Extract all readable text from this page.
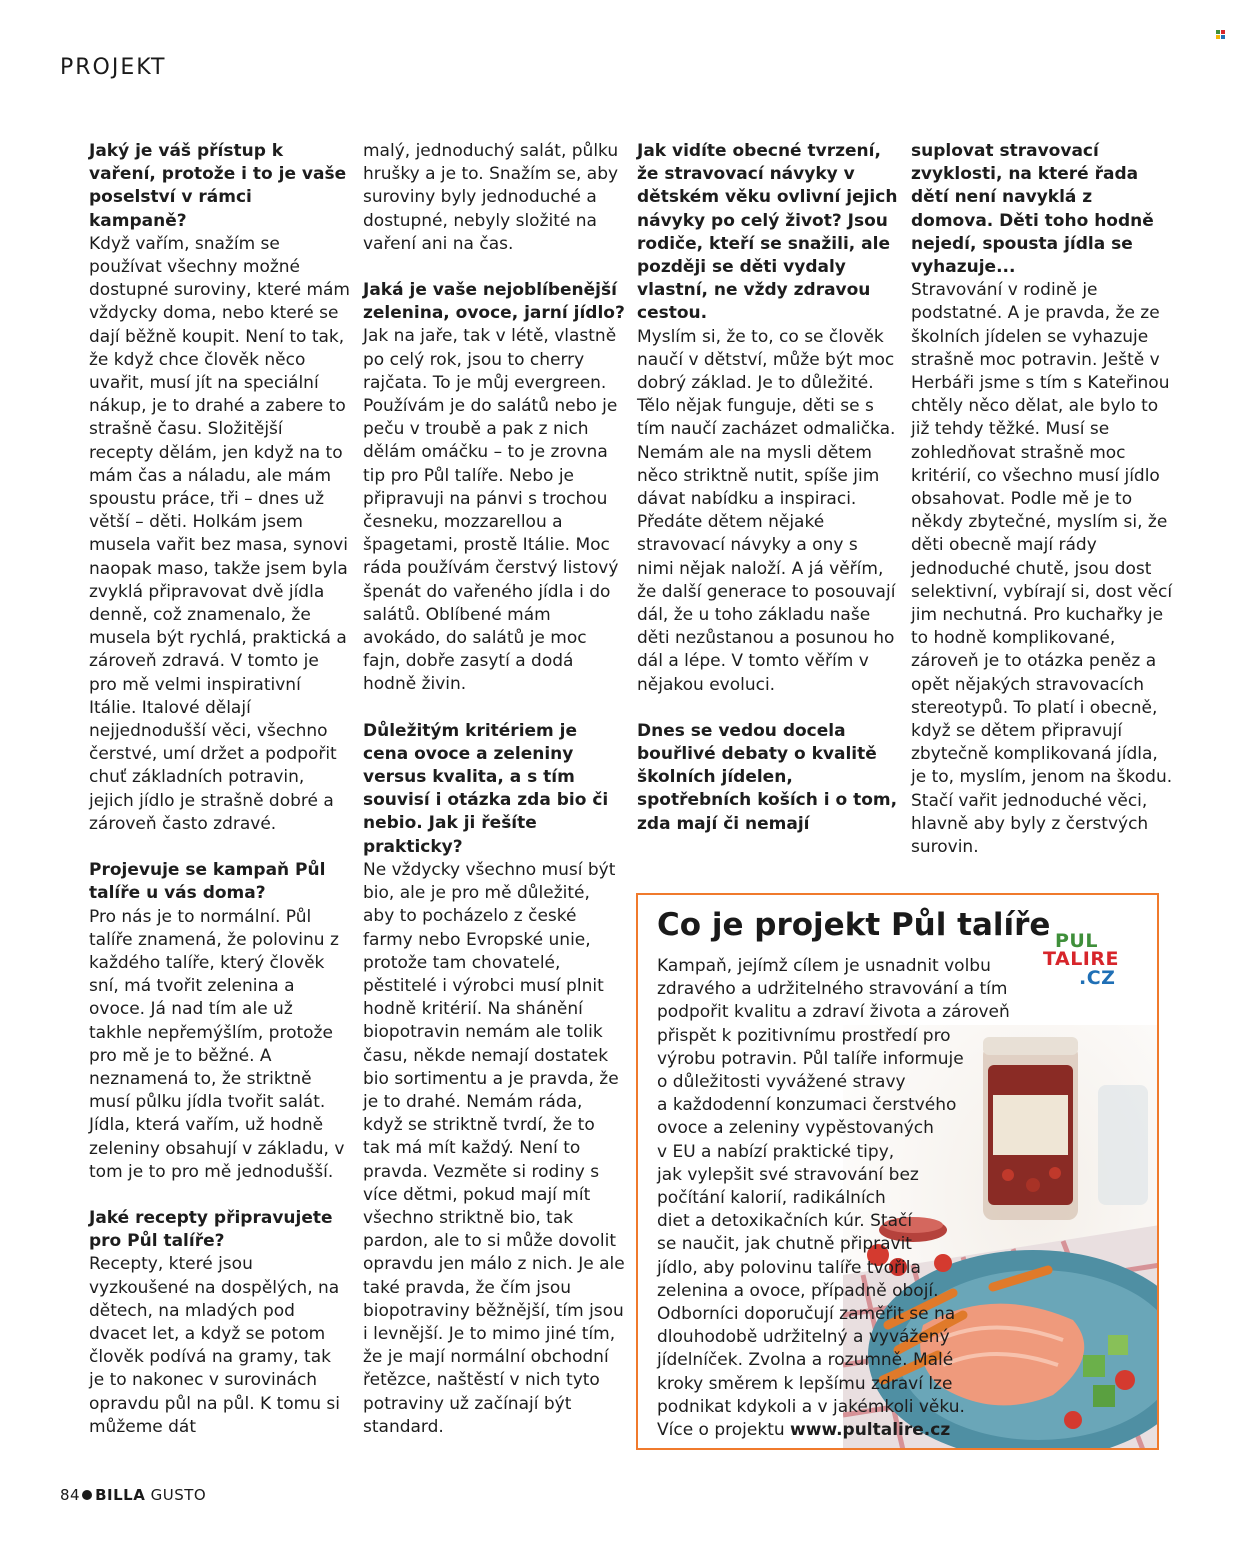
PROJEKT

Jaký je váš přístup k vaření, protože i to je vaše poselství v rámci kampaně?

Když vařím, snažím se používat všechny možné dostupné suroviny, které mám vždycky doma, nebo které se dají běžně koupit. Není to tak, že když chce člověk něco uvařit, musí jít na speciální nákup, je to drahé a zabere to strašně času. Složitější recepty dělám, jen když na to mám čas a náladu, ale mám spoustu práce, tři – dnes už větší – děti. Holkám jsem musela vařit bez masa, synovi naopak maso, takže jsem byla zvyklá připravovat dvě jídla denně, což znamenalo, že musela být rychlá, praktická a zároveň zdravá. V tomto je pro mě velmi inspirativní Itálie. Italové dělají nejjednodušší věci, všechno čerstvé, umí držet a podpořit chuť základních potravin, jejich jídlo je strašně dobré a zároveň často zdravé.

Projevuje se kampaň Půl talíře u vás doma?

Pro nás je to normální. Půl talíře znamená, že polovinu z každého talíře, který člověk sní, má tvořit zelenina a ovoce. Já nad tím ale už takhle nepřemýšlím, protože pro mě je to běžné. A neznamená to, že striktně musí půlku jídla tvořit salát. Jídla, která vařím, už hodně zeleniny obsahují v základu, v tom je to pro mě jednodušší.

Jaké recepty připravujete pro Půl talíře?

Recepty, které jsou vyzkoušené na dospělých, na dětech, na mladých pod dvacet let, a když se potom člověk podívá na gramy, tak je to nakonec v surovinách opravdu půl na půl. K tomu si můžeme dát

malý, jednoduchý salát, půlku hrušky a je to. Snažím se, aby suroviny byly jednoduché a dostupné, nebyly složité na vaření ani na čas.

Jaká je vaše nejoblíbenější zelenina, ovoce, jarní jídlo?

Jak na jaře, tak v létě, vlastně po celý rok, jsou to cherry rajčata. To je můj evergreen. Používám je do salátů nebo je peču v troubě a pak z nich dělám omáčku – to je zrovna tip pro Půl talíře. Nebo je připravuji na pánvi s trochou česneku, mozzarellou a špagetami, prostě Itálie. Moc ráda používám čerstvý listový špenát do vařeného jídla i do salátů. Oblíbené mám avokádo, do salátů je moc fajn, dobře zasytí a dodá hodně živin.

Důležitým kritériem je cena ovoce a zeleniny versus kvalita, a s tím souvisí i otázka zda bio či nebio. Jak ji řešíte prakticky?

Ne vždycky všechno musí být bio, ale je pro mě důležité, aby to pocházelo z české farmy nebo Evropské unie, protože tam chovatelé, pěstitelé i výrobci musí plnit hodně kritérií. Na shánění biopotravin nemám ale tolik času, někde nemají dostatek bio sortimentu a je pravda, že je to drahé. Nemám ráda, když se striktně tvrdí, že to tak má mít každý. Není to pravda. Vezměte si rodiny s více dětmi, pokud mají mít všechno striktně bio, tak pardon, ale to si může dovolit opravdu jen málo z nich. Je ale také pravda, že čím jsou biopotraviny běžnější, tím jsou i levnější. Je to mimo jiné tím, že je mají normální obchodní řetězce, naštěstí v nich tyto potraviny už začínají být standard.

Jak vidíte obecné tvrzení, že stravovací návyky v dětském věku ovlivní jejich návyky po celý život? Jsou rodiče, kteří se snažili, ale později se děti vydaly vlastní, ne vždy zdravou cestou.

Myslím si, že to, co se člověk naučí v dětství, může být moc dobrý základ. Je to důležité. Tělo nějak funguje, děti se s tím naučí zacházet odmalička. Nemám ale na mysli dětem něco striktně nutit, spíše jim dávat nabídku a inspiraci. Předáte dětem nějaké stravovací návyky a ony s nimi nějak naloží. A já věřím, že další generace to posouvají dál, že u toho základu naše děti nezůstanou a posunou ho dál a lépe. V tomto věřím v nějakou evoluci.

Dnes se vedou docela bouřlivé debaty o kvalitě školních jídelen, spotřebních koších i o tom, zda mají či nemají

suplovat stravovací zvyklosti, na které řada dětí není navyklá z domova. Děti toho hodně nejedí, spousta jídla se vyhazuje...

Stravování v rodině je podstatné. A je pravda, že ze školních jídelen se vyhazuje strašně moc potravin. Ještě v Herbáři jsme s tím s Kateřinou chtěly něco dělat, ale bylo to již tehdy těžké. Musí se zohledňovat strašně moc kritérií, co všechno musí jídlo obsahovat. Podle mě je to někdy zbytečné, myslím si, že děti obecně mají rády jednoduché chutě, jsou dost selektivní, vybírají si, dost věcí jim nechutná. Pro kuchařky je to hodně komplikované, zároveň je to otázka peněz a opět nějakých stravovacích stereotypů. To platí i obecně, když se dětem připravují zbytečně komplikovaná jídla, je to, myslím, jenom na škodu. Stačí vařit jednoduché věci, hlavně aby byly z čerstvých surovin.

PUL
TALIRE
.CZ
Co je projekt Půl talíře

Kampaň, jejímž cílem je usnadnit volbu
zdravého a udržitelného stravování a tím
podpořit kvalitu a zdraví života a zároveň
přispět k pozitivnímu prostředí pro
výrobu potravin. Půl talíře informuje
o důležitosti vyvážené stravy
a každodenní konzumaci čerstvého
ovoce a zeleniny vypěstovaných
v EU a nabízí praktické tipy,
jak vylepšit své stravování bez
počítání kalorií, radikálních
diet a detoxikačních kúr. Stačí
se naučit, jak chutně připravit
jídlo, aby polovinu talíře tvořila
zelenina a ovoce, případně obojí.
Odborníci doporučují zaměřit se na
dlouhodobě udržitelný a vyvážený
jídelníček. Zvolna a rozumně. Malé
kroky směrem k lepšímu zdraví lze
podnikat kdykoli a v jakémkoli věku.
Více o projektu www.pultalire.cz

84 BILLA GUSTO
